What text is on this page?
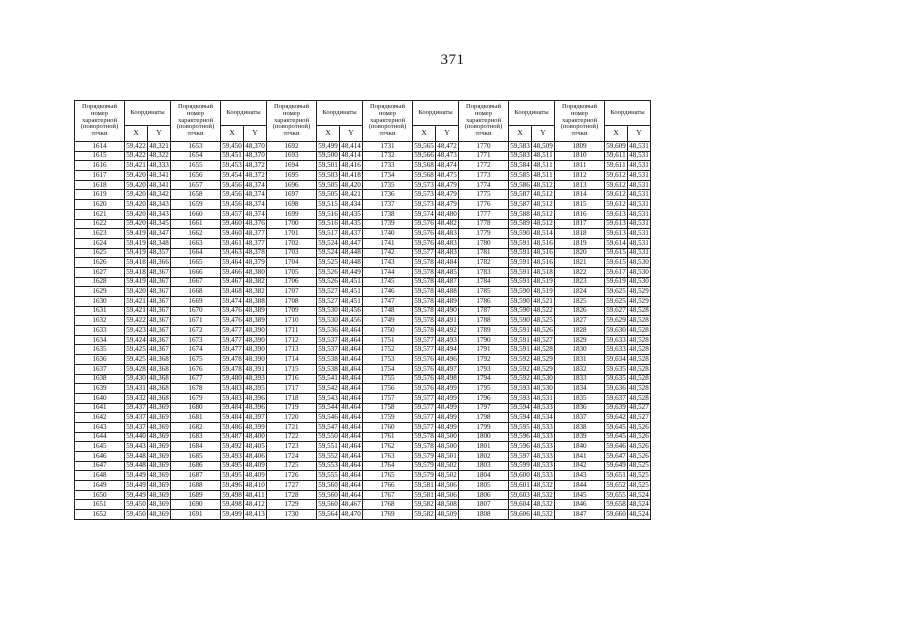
371
Порядковый номер характерной (поворотной) точки	Координаты		Порядковый номер характерной (поворотной) точки	Координаты		Порядковый номер характерной (поворотной) точки	Координаты		Порядковый номер характерной (поворотной) точки	Координаты		Порядковый номер характерной (поворотной) точки	Координаты		Порядковый номер характерной (поворотной) точки	Координаты	
	X	Y		X	Y		X	Y		X	Y		X	Y		X	Y
1614	59,422	48,321	1653	59,450	48,370	1692	59,499	48,414	1731	59,565	48,472	1770	59,583	48,509	1809	59,609	48,531
1615	59,422	48,322	1654	59,451	48,370	1693	59,500	48,414	1732	59,566	48,473	1771	59,583	48,511	1810	59,611	48,531
1616	59,421	48,333	1655	59,453	48,372	1694	59,501	48,416	1733	59,568	48,474	1772	59,584	48,511	1811	59,611	48,531
1617	59,420	48,341	1656	59,454	48,372	1695	59,503	48,418	1734	59,568	48,475	1773	59,585	48,511	1812	59,612	48,531
1618	59,420	48,341	1657	59,456	48,374	1696	59,505	48,420	1735	59,573	48,479	1774	59,586	48,512	1813	59,612	48,531
1619	59,420	48,342	1658	59,456	48,374	1697	59,505	48,421	1736	59,573	48,479	1775	59,587	48,512	1814	59,612	48,531
1620	59,420	48,343	1659	59,456	48,374	1698	59,515	48,434	1737	59,573	48,479	1776	59,587	48,512	1815	59,612	48,531
1621	59,420	48,343	1660	59,457	48,374	1699	59,516	48,435	1738	59,574	48,480	1777	59,588	48,512	1816	59,613	48,531
1622	59,420	48,345	1661	59,460	48,376	1700	59,516	48,435	1739	59,576	48,482	1778	59,589	48,512	1817	59,613	48,531
1623	59,419	48,347	1662	59,460	48,377	1701	59,517	48,437	1740	59,576	48,483	1779	59,590	48,514	1818	59,613	48,531
1624	59,419	48,348	1663	59,461	48,377	1702	59,524	48,447	1741	59,576	48,483	1780	59,591	48,516	1819	59,614	48,531
1625	59,419	48,357	1664	59,463	48,378	1703	59,524	48,448	1742	59,577	48,483	1781	59,591	48,516	1820	59,615	48,531
1626	59,418	48,366	1665	59,464	48,379	1704	59,525	48,448	1743	59,578	48,484	1782	59,591	48,516	1821	59,615	48,530
1627	59,418	48,367	1666	59,466	48,380	1705	59,526	48,449	1744	59,578	48,485	1783	59,591	48,518	1822	59,617	48,530
1628	59,419	48,367	1667	59,467	48,382	1706	59,526	48,451	1745	59,578	48,487	1784	59,591	48,519	1823	59,619	48,530
1629	59,420	48,367	1668	59,468	48,382	1707	59,527	48,451	1746	59,578	48,488	1785	59,590	48,519	1824	59,625	48,529
1630	59,421	48,367	1669	59,474	48,388	1708	59,527	48,451	1747	59,578	48,489	1786	59,590	48,521	1825	59,625	48,529
1631	59,421	48,367	1670	59,476	48,389	1709	59,530	48,456	1748	59,578	48,490	1787	59,590	48,522	1826	59,627	48,528
1632	59,422	48,367	1671	59,476	48,389	1710	59,530	48,456	1749	59,578	48,491	1788	59,590	48,525	1827	59,629	48,528
1633	59,423	48,367	1672	59,477	48,390	1711	59,536	48,464	1750	59,578	48,492	1789	59,591	48,526	1828	59,630	48,528
1634	59,424	48,367	1673	59,477	48,390	1712	59,537	48,464	1751	59,577	48,493	1790	59,591	48,527	1829	59,633	48,528
1635	59,425	48,367	1674	59,477	48,390	1713	59,537	48,464	1752	59,577	48,494	1791	59,591	48,528	1830	59,633	48,528
1636	59,425	48,368	1675	59,478	48,390	1714	59,538	48,464	1753	59,576	48,496	1792	59,592	48,529	1831	59,634	48,528
1637	59,428	48,368	1676	59,478	48,391	1715	59,538	48,464	1754	59,576	48,497	1793	59,592	48,529	1832	59,635	48,528
1638	59,430	48,368	1677	59,480	48,393	1716	59,541	48,464	1755	59,576	48,498	1794	59,592	48,530	1833	59,635	48,528
1639	59,431	48,368	1678	59,483	48,395	1717	59,542	48,464	1756	59,576	48,499	1795	59,593	48,530	1834	59,636	48,528
1640	59,432	48,368	1679	59,483	48,396	1718	59,543	48,464	1757	59,577	48,499	1796	59,593	48,531	1835	59,637	48,528
1641	59,437	48,369	1680	59,484	48,396	1719	59,544	48,464	1758	59,577	48,499	1797	59,594	48,533	1836	59,639	48,527
1642	59,437	48,369	1681	59,484	48,397	1720	59,546	48,464	1759	59,577	48,499	1798	59,594	48,534	1837	59,642	48,527
1643	59,437	48,369	1682	59,486	48,399	1721	59,547	48,464	1760	59,577	48,499	1799	59,595	48,533	1838	59,645	48,526
1644	59,440	48,369	1683	59,487	48,400	1722	59,550	48,464	1761	59,578	48,500	1800	59,596	48,533	1839	59,645	48,526
1645	59,443	48,369	1684	59,492	48,405	1723	59,551	48,464	1762	59,578	48,500	1801	59,596	48,533	1840	59,646	48,526
1646	59,448	48,369	1685	59,493	48,406	1724	59,552	48,464	1763	59,579	48,501	1802	59,597	48,533	1841	59,647	48,526
1647	59,448	48,369	1686	59,495	48,409	1725	59,553	48,464	1764	59,579	48,502	1803	59,599	48,533	1842	59,649	48,525
1648	59,449	48,369	1687	59,495	48,409	1726	59,555	48,464	1765	59,579	48,502	1804	59,600	48,533	1843	59,651	48,525
1649	59,449	48,369	1688	59,496	48,410	1727	59,560	48,464	1766	59,581	48,506	1805	59,601	48,532	1844	59,652	48,525
1650	59,449	48,369	1689	59,498	48,411	1728	59,560	48,464	1767	59,581	48,506	1806	59,603	48,532	1845	59,655	48,524
1651	59,450	48,369	1690	59,498	48,412	1729	59,560	48,467	1768	59,582	48,508	1807	59,604	48,532	1846	59,658	48,524
1652	59,450	48,369	1691	59,499	48,413	1730	59,564	48,470	1769	59,582	48,509	1808	59,606	48,532	1847	59,660	48,524
